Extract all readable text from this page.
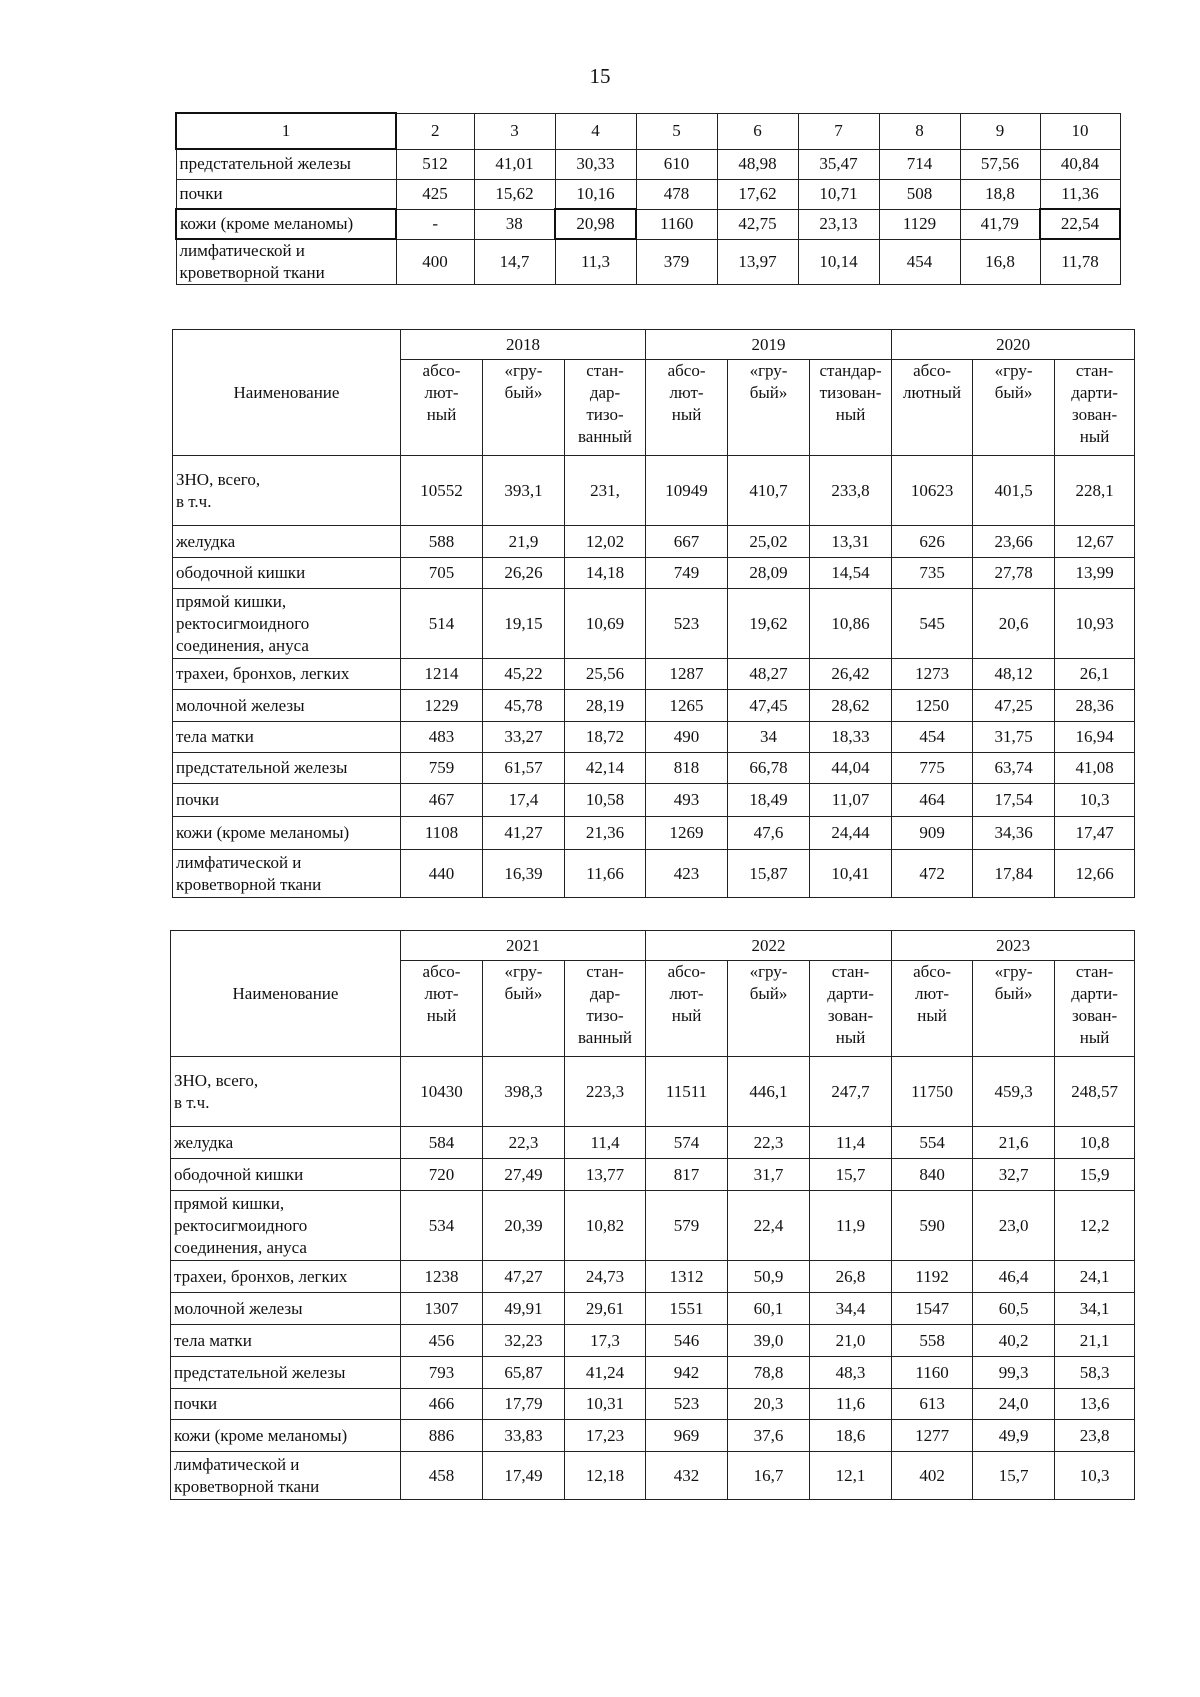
15
1	2	3	4	5	6	7	8	9	10
предстательной железы	512	41,01	30,33	610	48,98	35,47	714	57,56	40,84
почки	425	15,62	10,16	478	17,62	10,71	508	18,8	11,36
кожи (кроме меланомы)	-	38	20,98	1160	42,75	23,13	1129	41,79	22,54
лимфатической и кроветворной ткани	400	14,7	11,3	379	13,97	10,14	454	16,8	11,78
Наименование	2018			2019			2020		
	абсо-
лют-
ный	«гру-
бый»	стан-
дар-
тизо-
ванный	абсо-
лют-
ный	«гру-
бый»	стандар-
тизован-
ный	абсо-
лютный	«гру-
бый»	стан-
дарти-
зован-
ный
ЗНО, всего,
в т.ч.	10552	393,1	231,	10949	410,7	233,8	10623	401,5	228,1
желудка	588	21,9	12,02	667	25,02	13,31	626	23,66	12,67
ободочной кишки	705	26,26	14,18	749	28,09	14,54	735	27,78	13,99
прямой кишки, ректосигмоидного соединения, ануса	514	19,15	10,69	523	19,62	10,86	545	20,6	10,93
трахеи, бронхов, легких	1214	45,22	25,56	1287	48,27	26,42	1273	48,12	26,1
молочной железы	1229	45,78	28,19	1265	47,45	28,62	1250	47,25	28,36
тела матки	483	33,27	18,72	490	34	18,33	454	31,75	16,94
предстательной железы	759	61,57	42,14	818	66,78	44,04	775	63,74	41,08
почки	467	17,4	10,58	493	18,49	11,07	464	17,54	10,3
кожи (кроме меланомы)	1108	41,27	21,36	1269	47,6	24,44	909	34,36	17,47
лимфатической и кроветворной ткани	440	16,39	11,66	423	15,87	10,41	472	17,84	12,66
Наименование	2021			2022			2023		
	абсо-
лют-
ный	«гру-
бый»	стан-
дар-
тизо-
ванный	абсо-
лют-
ный	«гру-
бый»	стан-
дарти-
зован-
ный	абсо-
лют-
ный	«гру-
бый»	стан-
дарти-
зован-
ный
ЗНО, всего,
в т.ч.	10430	398,3	223,3	11511	446,1	247,7	11750	459,3	248,57
желудка	584	22,3	11,4	574	22,3	11,4	554	21,6	10,8
ободочной кишки	720	27,49	13,77	817	31,7	15,7	840	32,7	15,9
прямой кишки, ректосигмоидного соединения, ануса	534	20,39	10,82	579	22,4	11,9	590	23,0	12,2
трахеи, бронхов, легких	1238	47,27	24,73	1312	50,9	26,8	1192	46,4	24,1
молочной железы	1307	49,91	29,61	1551	60,1	34,4	1547	60,5	34,1
тела матки	456	32,23	17,3	546	39,0	21,0	558	40,2	21,1
предстательной железы	793	65,87	41,24	942	78,8	48,3	1160	99,3	58,3
почки	466	17,79	10,31	523	20,3	11,6	613	24,0	13,6
кожи (кроме меланомы)	886	33,83	17,23	969	37,6	18,6	1277	49,9	23,8
лимфатической и кроветворной ткани	458	17,49	12,18	432	16,7	12,1	402	15,7	10,3
